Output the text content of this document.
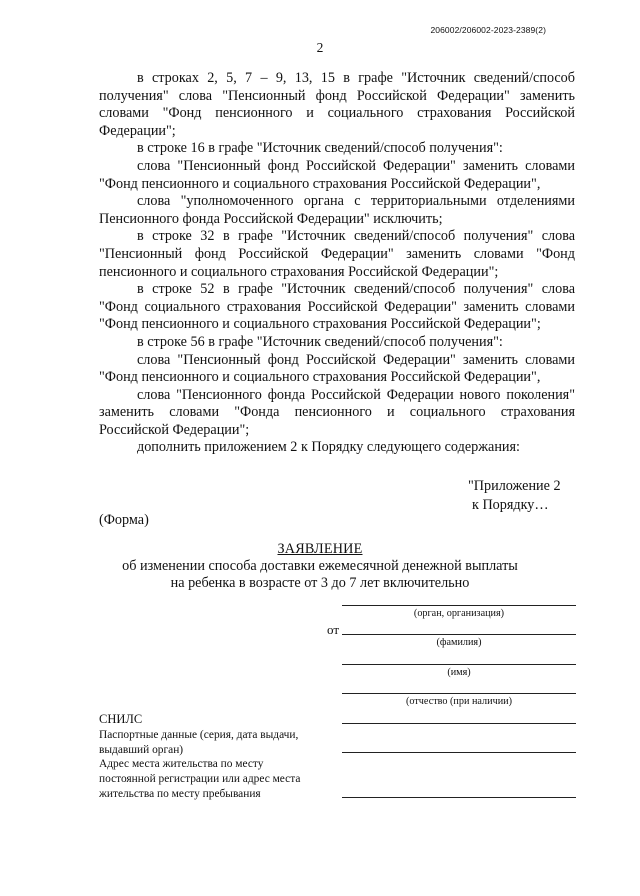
206002/206002-2023-2389(2)
2

в строках 2, 5, 7 – 9, 13, 15 в графе "Источник сведений/способ получения" слова "Пенсионный фонд Российской Федерации" заменить словами "Фонд пенсионного и социального страхования Российской Федерации";

в строке 16 в графе "Источник сведений/способ получения":

слова "Пенсионный фонд Российской Федерации" заменить словами "Фонд пенсионного и социального страхования Российской Федерации",

слова "уполномоченного органа с территориальными отделениями Пенсионного фонда Российской Федерации" исключить;

в строке 32 в графе "Источник сведений/способ получения" слова "Пенсионный фонд Российской Федерации" заменить словами "Фонд пенсионного и социального страхования Российской Федерации";

в строке 52 в графе "Источник сведений/способ получения" слова "Фонд социального страхования Российской Федерации" заменить словами "Фонд пенсионного и социального страхования Российской Федерации";

в строке 56 в графе "Источник сведений/способ получения":

слова "Пенсионный фонд Российской Федерации" заменить словами "Фонд пенсионного и социального страхования Российской Федерации",

слова "Пенсионного фонда Российской Федерации нового поколения" заменить словами "Фонда пенсионного и социального страхования Российской Федерации";

дополнить приложением 2 к Порядку следующего содержания:

"Приложение 2
к Порядку…
(Форма)
ЗАЯВЛЕНИЕ
об изменении способа доставки ежемесячной денежной выплаты
на ребенка в возрасте от 3 до 7 лет включительно
(орган, организация)
от
(фамилия)
(имя)
(отчество (при наличии)
СНИЛС
Паспортные данные (серия, дата выдачи,
выдавший орган)
Адрес места жительства по месту
постоянной регистрации или адрес места
жительства по месту пребывания
